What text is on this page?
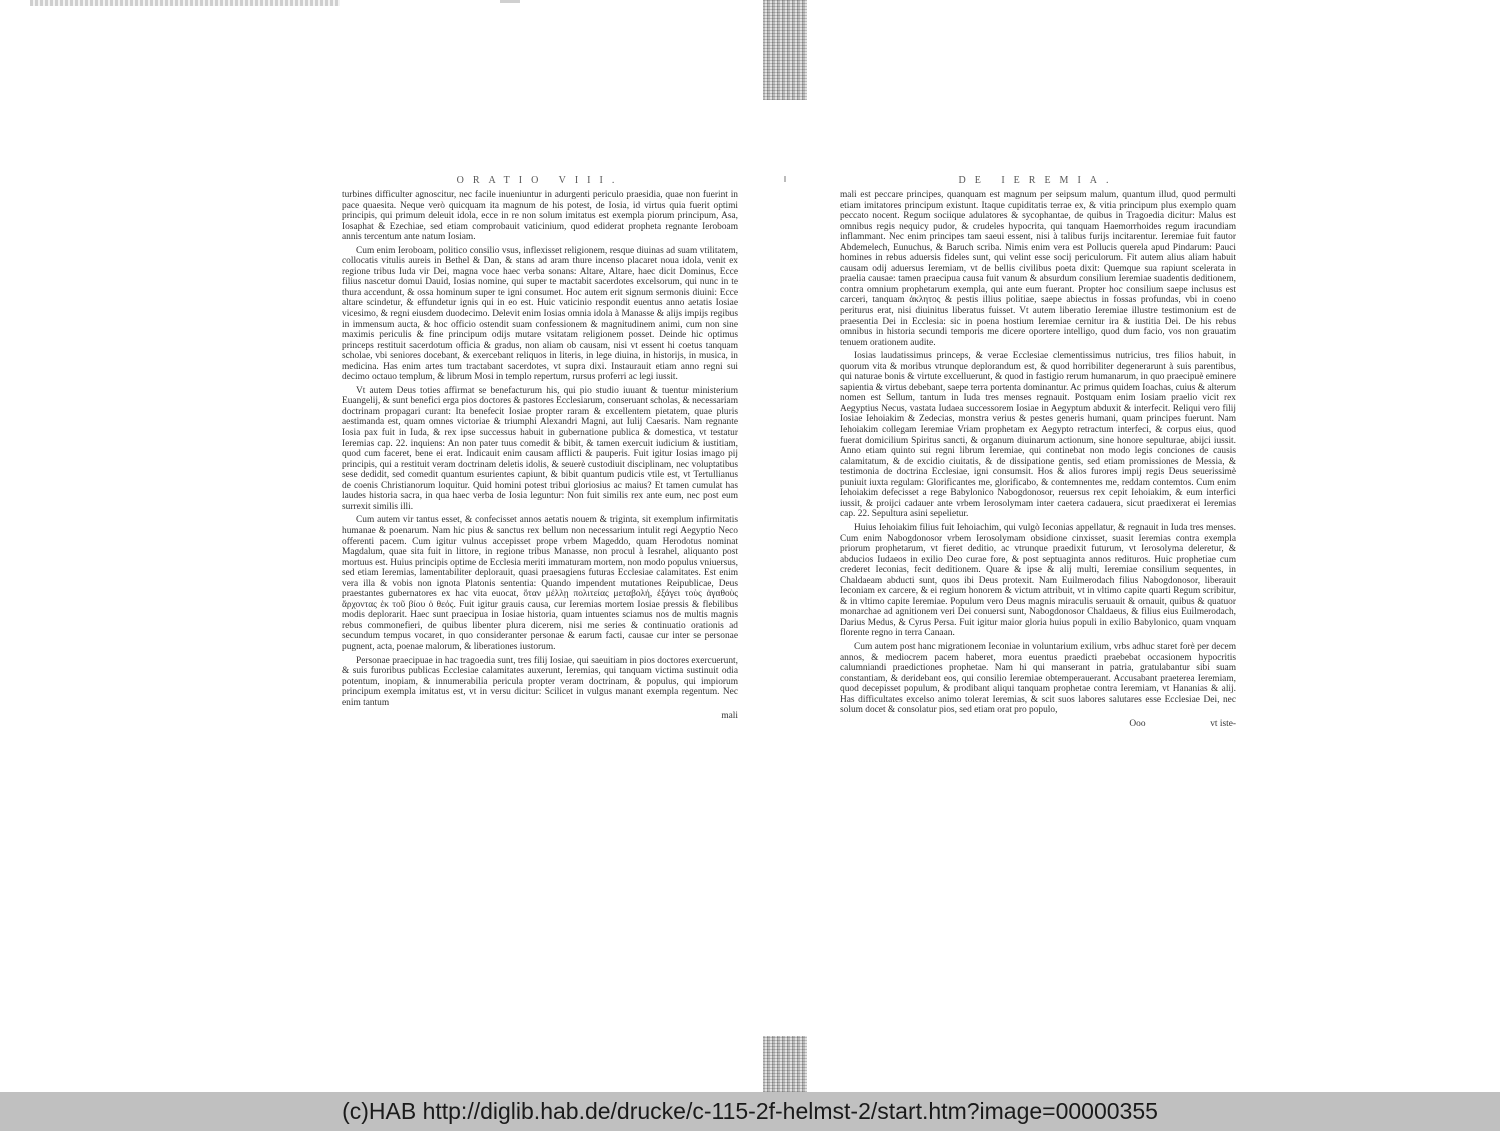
ORATIO VIII.

turbines difficulter agnoscitur, nec facile inueniuntur in adurgenti periculo praesidia, quae non fuerint in pace quaesita. Neque verò quicquam ita magnum de his potest, de Iosia, id virtus quia fuerit optimi principis, qui primum deleuit idola, ecce in re non solum imitatus est exempla piorum principum, Asa, Iosaphat & Ezechiae, sed etiam comprobauit vaticinium, quod ediderat propheta regnante Ieroboam annis tercentum ante natum Iosiam.

Cum enim Ieroboam, politico consilio vsus, inflexisset religionem, resque diuinas ad suam vtilitatem, collocatis vitulis aureis in Bethel & Dan, & stans ad aram thure incenso placaret noua idola, venit ex regione tribus Iuda vir Dei, magna voce haec verba sonans: Altare, Altare, haec dicit Dominus, Ecce filius nascetur domui Dauid, Iosias nomine, qui super te mactabit sacerdotes excelsorum, qui nunc in te thura accendunt, & ossa hominum super te igni consumet. Hoc autem erit signum sermonis diuini: Ecce altare scindetur, & effundetur ignis qui in eo est. Huic vaticinio respondit euentus anno aetatis Iosiae vicesimo, & regni eiusdem duodecimo. Delevit enim Iosias omnia idola à Manasse & alijs impijs regibus in immensum aucta, & hoc officio ostendit suam confessionem & magnitudinem animi, cum non sine maximis periculis & fine principum odijs mutare vsitatam religionem posset. Deinde hic optimus princeps restituit sacerdotum officia & gradus, non aliam ob causam, nisi vt essent hi coetus tanquam scholae, vbi seniores docebant, & exercebant reliquos in literis, in lege diuina, in historijs, in musica, in medicina. Has enim artes tum tractabant sacerdotes, vt supra dixi. Instaurauit etiam anno regni sui decimo octauo templum, & librum Mosi in templo repertum, rursus proferri ac legi iussit.

Vt autem Deus toties affirmat se benefacturum his, qui pio studio iuuant & tuentur ministerium Euangelij, & sunt benefici erga pios doctores & pastores Ecclesiarum, conseruant scholas, & necessariam doctrinam propagari curant: Ita benefecit Iosiae propter raram & excellentem pietatem, quae pluris aestimanda est, quam omnes victoriae & triumphi Alexandri Magni, aut Iulij Caesaris. Nam regnante Iosia pax fuit in Iuda, & rex ipse successus habuit in gubernatione publica & domestica, vt testatur Ieremias cap. 22. inquiens: An non pater tuus comedit & bibit, & tamen exercuit iudicium & iustitiam, quod cum faceret, bene ei erat. Indicauit enim causam afflicti & pauperis. Fuit igitur Iosias imago pij principis, qui a restituit veram doctrinam deletis idolis, & seuerè custodiuit disciplinam, nec voluptatibus sese dedidit, sed comedit quantum esurientes capiunt, & bibit quantum pudicis vtile est, vt Tertullianus de coenis Christianorum loquitur. Quid homini potest tribui gloriosius ac maius? Et tamen cumulat has laudes historia sacra, in qua haec verba de Iosia leguntur: Non fuit similis rex ante eum, nec post eum surrexit similis illi.

Cum autem vir tantus esset, & confecisset annos aetatis nouem & triginta, sit exemplum infirmitatis humanae & poenarum. Nam hic pius & sanctus rex bellum non necessarium intulit regi Aegyptio Neco offerenti pacem. Cum igitur vulnus accepisset prope vrbem Mageddo, quam Herodotus nominat Magdalum, quae sita fuit in littore, in regione tribus Manasse, non procul à Iesrahel, aliquanto post mortuus est. Huius principis optime de Ecclesia meriti immaturam mortem, non modo populus vniuersus, sed etiam Ieremias, lamentabiliter deplorauit, quasi praesagiens futuras Ecclesiae calamitates. Est enim vera illa & vobis non ignota Platonis sententia: Quando impendent mutationes Reipublicae, Deus praestantes gubernatores ex hac vita euocat, ὅταν μέλλῃ πολιτείας μεταβολή, ἐξάγει τοὺς ἀγαθοὺς ἄρχοντας ἐκ τοῦ βίου ὁ θεός. Fuit igitur grauis causa, cur Ieremias mortem Iosiae pressis & flebilibus modis deplorarit. Haec sunt praecipua in Iosiae historia, quam intuentes sciamus nos de multis magnis rebus commonefieri, de quibus libenter plura dicerem, nisi me series & continuatio orationis ad secundum tempus vocaret, in quo consideranter personae & earum facti, causae cur inter se personae pugnent, acta, poenae malorum, & liberationes iustorum.

Personae praecipuae in hac tragoedia sunt, tres filij Iosiae, qui saeuitiam in pios doctores exercuerunt, & suis furoribus publicas Ecclesiae calamitates auxerunt, Ieremias, qui tanquam victima sustinuit odia potentum, inopiam, & innumerabilia pericula propter veram doctrinam, & populus, qui impiorum principum exempla imitatus est, vt in versu dicitur: Scilicet in vulgus manant exempla regentum. Nec enim tantum

mali
DE IEREMIA.

mali est peccare principes, quanquam est magnum per seipsum malum, quantum illud, quod permulti etiam imitatores principum existunt. Itaque cupiditatis terrae ex, & vitia principum plus exemplo quam peccato nocent. Regum sociique adulatores & sycophantae, de quibus in Tragoedia dicitur: Malus est omnibus regis nequicy pudor, & crudeles hypocrita, qui tanquam Haemorrhoides regum iracundiam inflammant. Nec enim principes tam saeui essent, nisi à talibus furijs incitarentur. Ieremiae fuit fautor Abdemelech, Eunuchus, & Baruch scriba. Nimis enim vera est Pollucis querela apud Pindarum: Pauci homines in rebus aduersis fideles sunt, qui velint esse socij periculorum. Fit autem alius aliam habuit causam odij aduersus Ieremiam, vt de bellis civilibus poeta dixit: Quemque sua rapiunt scelerata in praelia causae: tamen praecipua causa fuit vanum & absurdum consilium Ieremiae suadentis deditionem, contra omnium prophetarum exempla, qui ante eum fuerant. Propter hoc consilium saepe inclusus est carceri, tanquam ἀκλητος & pestis illius politiae, saepe abiectus in fossas profundas, vbi in coeno periturus erat, nisi diuinitus liberatus fuisset. Vt autem liberatio Ieremiae illustre testimonium est de praesentia Dei in Ecclesia: sic in poena hostium Ieremiae cernitur ira & iustitia Dei. De his rebus omnibus in historia secundi temporis me dicere oportere intelligo, quod dum facio, vos non grauatim tenuem orationem audite.

Iosias laudatissimus princeps, & verae Ecclesiae clementissimus nutricius, tres filios habuit, in quorum vita & moribus vtrunque deplorandum est, & quod horribiliter degenerarunt à suis parentibus, qui naturae bonis & virtute excelluerunt, & quod in fastigio rerum humanarum, in quo praecipuè eminere sapientia & virtus debebant, saepe terra portenta dominantur. Ac primus quidem Ioachas, cuius & alterum nomen est Sellum, tantum in Iuda tres menses regnauit. Postquam enim Iosiam praelio vicit rex Aegyptius Necus, vastata Iudaea successorem Iosiae in Aegyptum abduxit & interfecit. Reliqui vero filij Iosiae Iehoiakim & Zedecias, monstra verius & pestes generis humani, quam principes fuerunt. Nam Iehoiakim collegam Ieremiae Vriam prophetam ex Aegypto retractum interfeci, & corpus eius, quod fuerat domicilium Spiritus sancti, & organum diuinarum actionum, sine honore sepulturae, abijci iussit. Anno etiam quinto sui regni librum Ieremiae, qui continebat non modo legis conciones de causis calamitatum, & de excidio ciuitatis, & de dissipatione gentis, sed etiam promissiones de Messia, & testimonia de doctrina Ecclesiae, igni consumsit. Hos & alios furores impij regis Deus seuerissimè puniuit iuxta regulam: Glorificantes me, glorificabo, & contemnentes me, reddam contemtos. Cum enim Iehoiakim defecisset a rege Babylonico Nabogdonosor, reuersus rex cepit Iehoiakim, & eum interfici iussit, & proijci cadauer ante vrbem Ierosolymam inter caetera cadauera, sicut praedixerat ei Ieremias cap. 22. Sepultura asini sepelietur.

Huius Iehoiakim filius fuit Iehoiachim, qui vulgò Ieconias appellatur, & regnauit in Iuda tres menses. Cum enim Nabogdonosor vrbem Ierosolymam obsidione cinxisset, suasit Ieremias contra exempla priorum prophetarum, vt fieret deditio, ac vtrunque praedixit futurum, vt Ierosolyma deleretur, & abducios Iudaeos in exilio Deo curae fore, & post septuaginta annos redituros. Huic prophetiae cum crederet Ieconias, fecit deditionem. Quare & ipse & alij multi, Ieremiae consilium sequentes, in Chaldaeam abducti sunt, quos ibi Deus protexit. Nam Euilmerodach filius Nabogdonosor, liberauit Ieconiam ex carcere, & ei regium honorem & victum attribuit, vt in vltimo capite quarti Regum scribitur, & in vltimo capite Ieremiae. Populum vero Deus magnis miraculis seruauit & ornauit, quibus & quatuor monarchae ad agnitionem veri Dei conuersi sunt, Nabogdonosor Chaldaeus, & filius eius Euilmerodach, Darius Medus, & Cyrus Persa. Fuit igitur maior gloria huius populi in exilio Babylonico, quam vnquam florente regno in terra Canaan.

Cum autem post hanc migrationem Ieconiae in voluntarium exilium, vrbs adhuc staret forè per decem annos, & mediocrem pacem haberet, mora euentus praedicti praebebat occasionem hypocritis calumniandi praedictiones prophetae. Nam hi qui manserant in patria, gratulabantur sibi suam constantiam, & deridebant eos, qui consilio Ieremiae obtemperauerant. Accusabant praeterea Ieremiam, quod decepisset populum, & prodibant aliqui tanquam prophetae contra Ieremiam, vt Hananias & alij. Has difficultates excelso animo tolerat Ieremias, & scit suos labores salutares esse Ecclesiae Dei, nec solum docet & consolatur pios, sed etiam orat pro populo,

Ooo	vt iste-
(c)HAB http://diglib.hab.de/drucke/c-115-2f-helmst-2/start.htm?image=00000355
